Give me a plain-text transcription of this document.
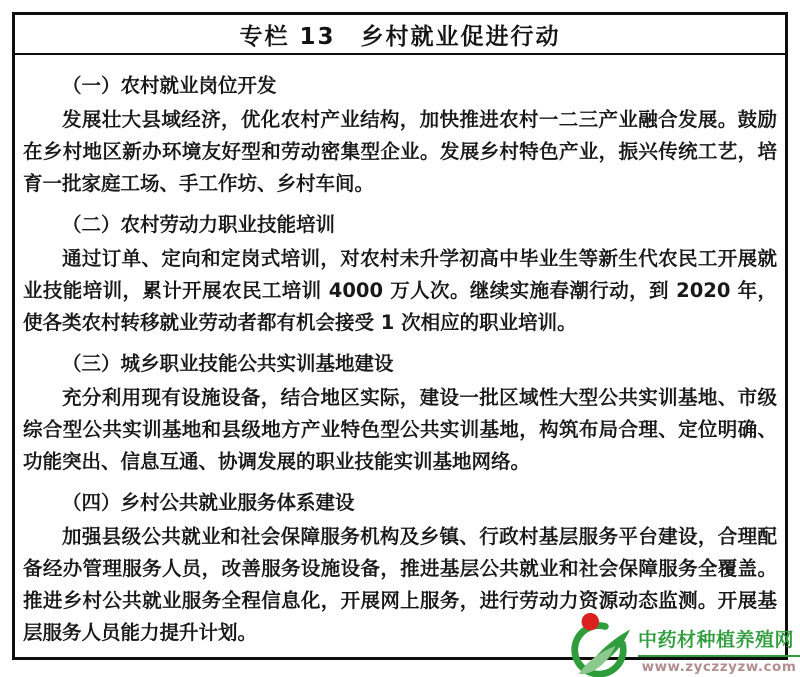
专栏 13　乡村就业促进行动
（一）农村就业岗位开发
发展壮大县域经济，优化农村产业结构，加快推进农村一二三产业融合发展。鼓励在乡村地区新办环境友好型和劳动密集型企业。发展乡村特色产业，振兴传统工艺，培育一批家庭工场、手工作坊、乡村车间。
（二）农村劳动力职业技能培训
通过订单、定向和定岗式培训，对农村未升学初高中毕业生等新生代农民工开展就业技能培训，累计开展农民工培训 4000 万人次。继续实施春潮行动，到 2020 年，使各类农村转移就业劳动者都有机会接受 1 次相应的职业培训。
（三）城乡职业技能公共实训基地建设
充分利用现有设施设备，结合地区实际，建设一批区域性大型公共实训基地、市级综合型公共实训基地和县级地方产业特色型公共实训基地，构筑布局合理、定位明确、功能突出、信息互通、协调发展的职业技能实训基地网络。
（四）乡村公共就业服务体系建设
加强县级公共就业和社会保障服务机构及乡镇、行政村基层服务平台建设，合理配备经办管理服务人员，改善服务设施设备，推进基层公共就业和社会保障服务全覆盖。推进乡村公共就业服务全程信息化，开展网上服务，进行劳动力资源动态监测。开展基层服务人员能力提升计划。	中药材种植养殖网
www.zyczzyzw.com
